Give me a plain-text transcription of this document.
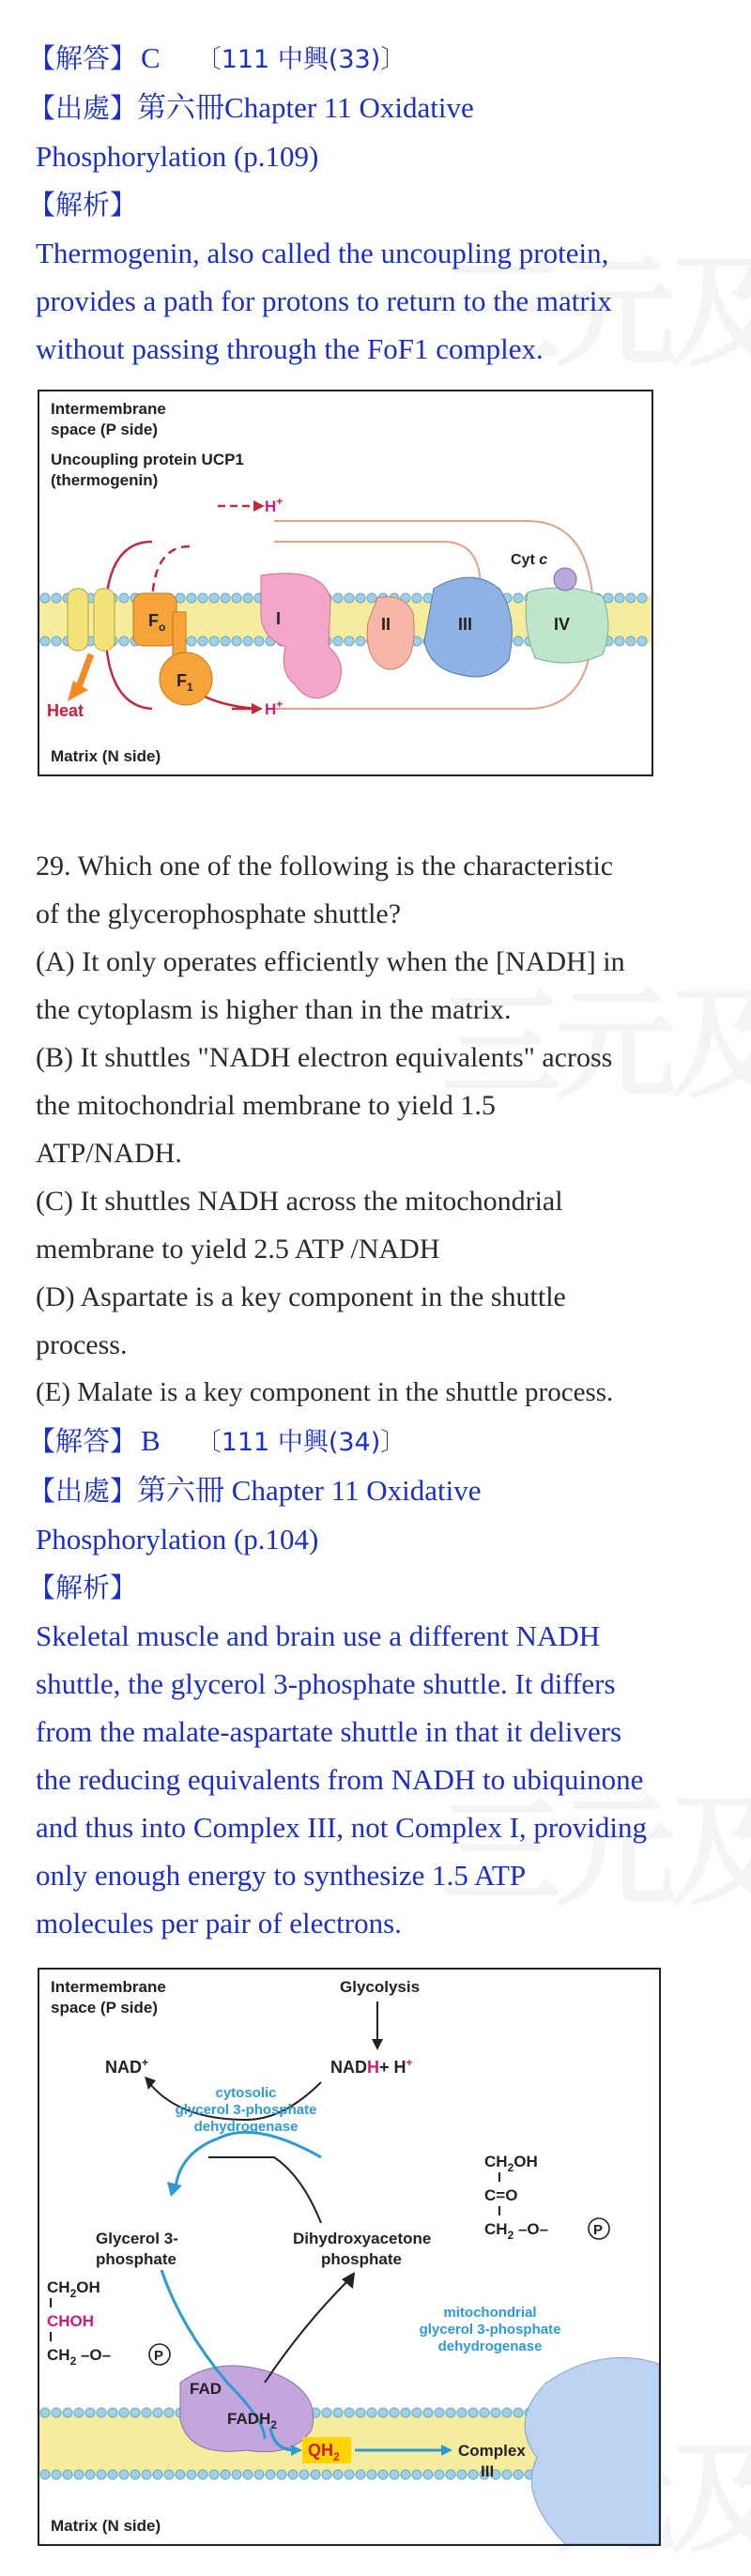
【解答】 C 〔111 中興(33)〕
【出處】第六冊Chapter 11 Oxidative
Phosphorylation (p.109)
【解析】
Thermogenin, also called the uncoupling protein,
provides a path for protons to return to the matrix
without passing through the FoF1 complex.
Heat
$F_o$
$F_1$
I	II	III	IV
Cyt c
H+
H+
Intermembrane
space (P side)
Uncoupling protein UCP1
(thermogenin)
Matrix (N side)
29. Which one of the following is the characteristic
of the glycerophosphate shuttle?
(A) It only operates efficiently when the [NADH] in
the cytoplasm is higher than in the matrix.
(B) It shuttles "NADH electron equivalents" across
the mitochondrial membrane to yield 1.5
ATP/NADH.
(C) It shuttles NADH across the mitochondrial
membrane to yield 2.5 ATP /NADH
(D) Aspartate is a key component in the shuttle
process.
(E) Malate is a key component in the shuttle process.
【解答】 B 〔111 中興(34)〕
【出處】第六冊 Chapter 11 Oxidative
Phosphorylation (p.104)
【解析】
Skeletal muscle and brain use a different NADH
shuttle, the glycerol 3-phosphate shuttle. It differs
from the malate-aspartate shuttle in that it delivers
the reducing equivalents from NADH to ubiquinone
and thus into Complex III, not Complex I, providing
only enough energy to synthesize 1.5 ATP
molecules per pair of electrons.
Intermembrane
space (P side)
Glycolysis
NAD+	NADH+ H+
cytosolic
glycerol 3-phosphate
dehydrogenase
Glycerol 3-
phosphate
Dihydroxyacetone
phosphate
$CH_2OH$
C=O
$CH_2$ –O–	P
$CH_2OH$
CHOH
$CH_2$ –O–	P
mitochondrial
glycerol 3-phosphate
dehydrogenase
FAD
$FADH_2$
$QH_2$	Complex
III
Matrix (N side)
